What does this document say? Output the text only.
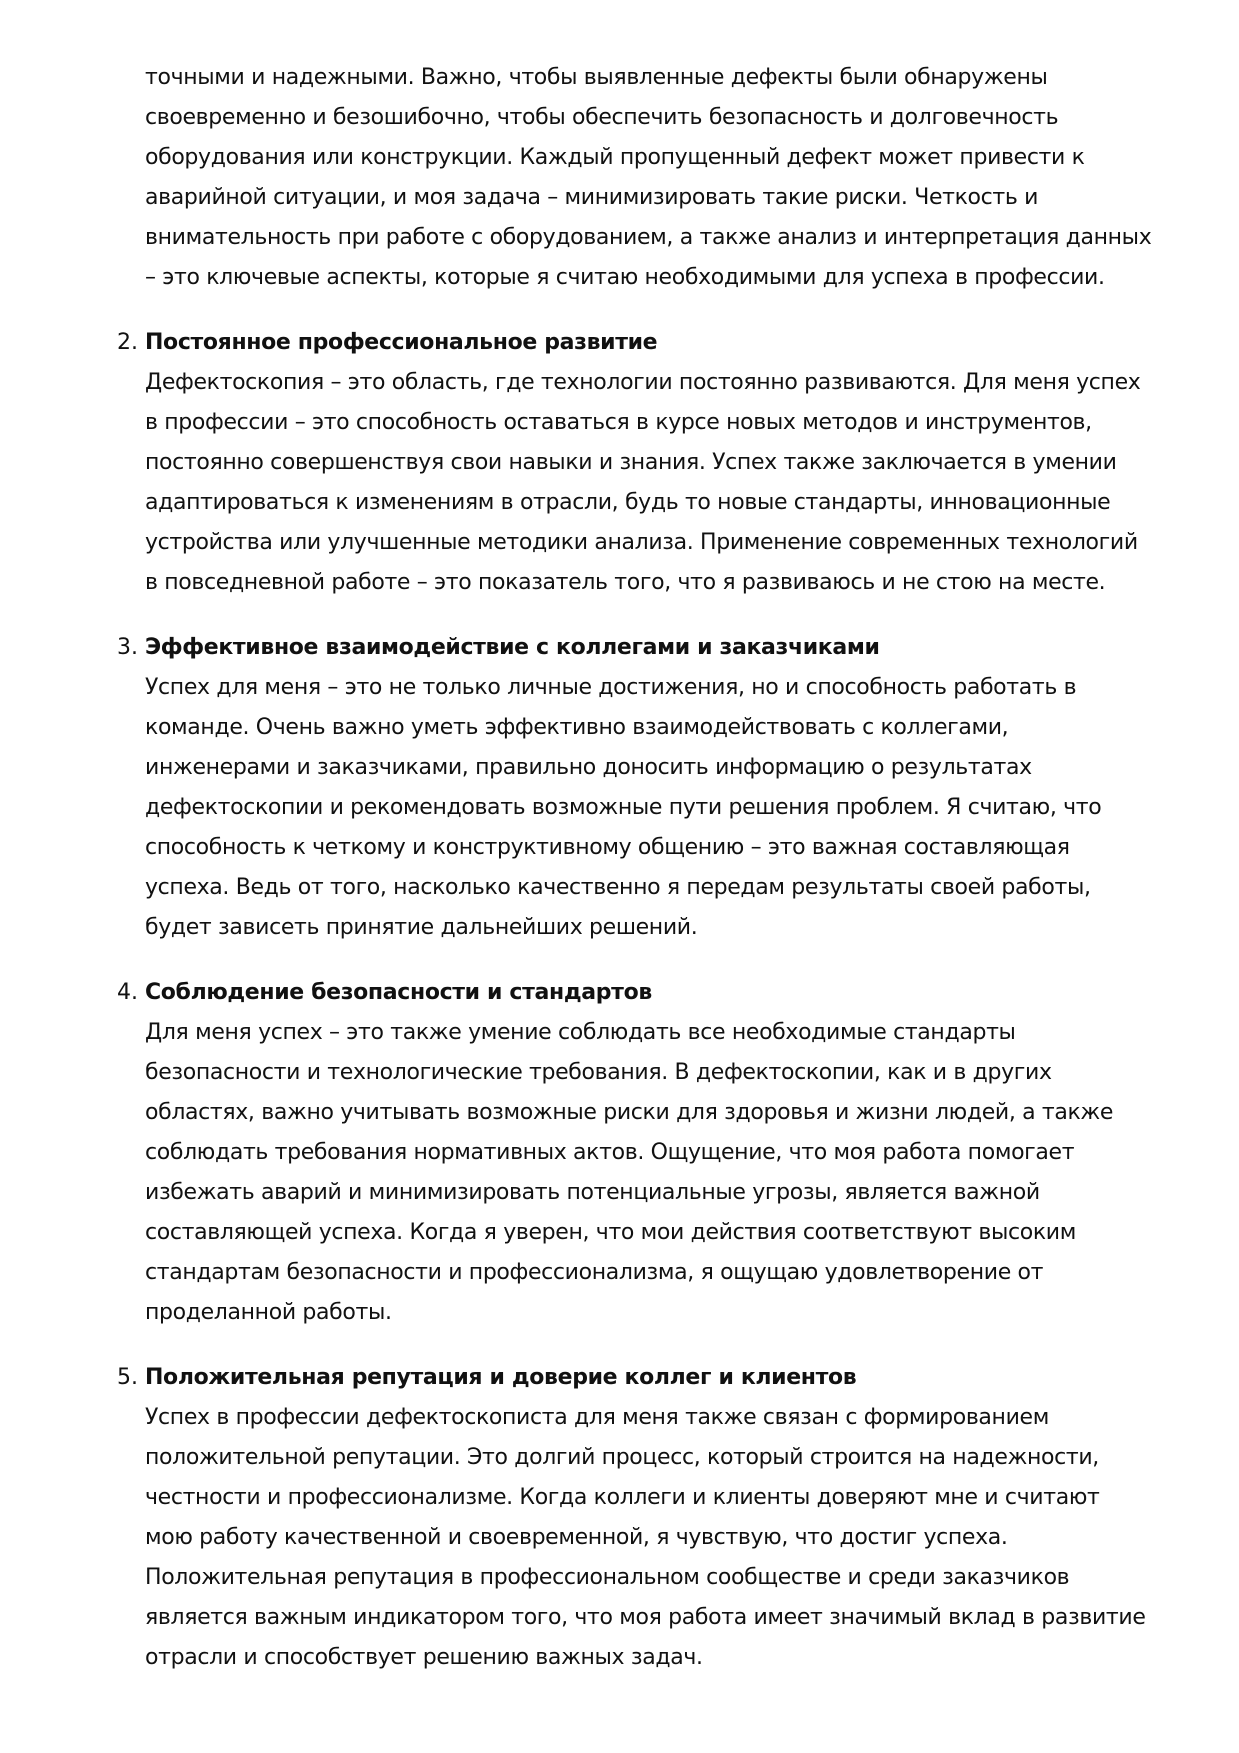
точными и надежными. Важно, чтобы выявленные дефекты были обнаружены
своевременно и безошибочно, чтобы обеспечить безопасность и долговечность
оборудования или конструкции. Каждый пропущенный дефект может привести к
аварийной ситуации, и моя задача – минимизировать такие риски. Четкость и
внимательность при работе с оборудованием, а также анализ и интерпретация данных
– это ключевые аспекты, которые я считаю необходимыми для успеха в профессии.
2. Постоянное профессиональное развитие
Дефектоскопия – это область, где технологии постоянно развиваются. Для меня успех
в профессии – это способность оставаться в курсе новых методов и инструментов,
постоянно совершенствуя свои навыки и знания. Успех также заключается в умении
адаптироваться к изменениям в отрасли, будь то новые стандарты, инновационные
устройства или улучшенные методики анализа. Применение современных технологий
в повседневной работе – это показатель того, что я развиваюсь и не стою на месте.
3. Эффективное взаимодействие с коллегами и заказчиками
Успех для меня – это не только личные достижения, но и способность работать в
команде. Очень важно уметь эффективно взаимодействовать с коллегами,
инженерами и заказчиками, правильно доносить информацию о результатах
дефектоскопии и рекомендовать возможные пути решения проблем. Я считаю, что
способность к четкому и конструктивному общению – это важная составляющая
успеха. Ведь от того, насколько качественно я передам результаты своей работы,
будет зависеть принятие дальнейших решений.
4. Соблюдение безопасности и стандартов
Для меня успех – это также умение соблюдать все необходимые стандарты
безопасности и технологические требования. В дефектоскопии, как и в других
областях, важно учитывать возможные риски для здоровья и жизни людей, а также
соблюдать требования нормативных актов. Ощущение, что моя работа помогает
избежать аварий и минимизировать потенциальные угрозы, является важной
составляющей успеха. Когда я уверен, что мои действия соответствуют высоким
стандартам безопасности и профессионализма, я ощущаю удовлетворение от
проделанной работы.
5. Положительная репутация и доверие коллег и клиентов
Успех в профессии дефектоскописта для меня также связан с формированием
положительной репутации. Это долгий процесс, который строится на надежности,
честности и профессионализме. Когда коллеги и клиенты доверяют мне и считают
мою работу качественной и своевременной, я чувствую, что достиг успеха.
Положительная репутация в профессиональном сообществе и среди заказчиков
является важным индикатором того, что моя работа имеет значимый вклад в развитие
отрасли и способствует решению важных задач.
